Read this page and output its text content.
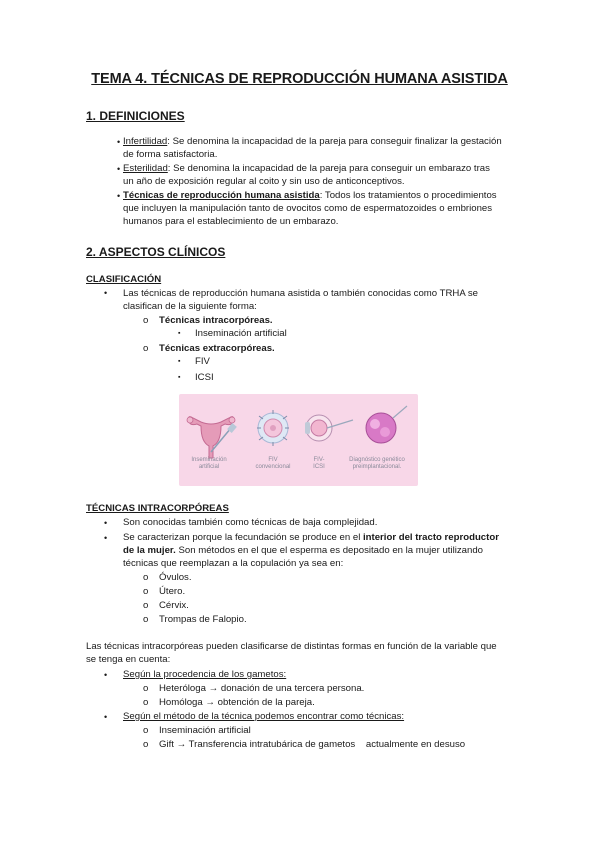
TEMA 4. TÉCNICAS DE REPRODUCCIÓN HUMANA ASISTIDA
1. DEFINICIONES
• Infertilidad: Se denomina la incapacidad de la pareja para conseguir finalizar la gestación
de forma satisfactoria.
• Esterilidad: Se denomina la incapacidad de la pareja para conseguir un embarazo tras
un año de exposición regular al coito y sin uso de anticonceptivos.
• Técnicas de reproducción humana asistida: Todos los tratamientos o procedimientos
que incluyen la manipulación tanto de ovocitos como de espermatozoides o embriones
humanos para el establecimiento de un embarazo.
2. ASPECTOS CLÍNICOS
CLASIFICACIÓN
• Las técnicas de reproducción humana asistida o también conocidas como TRHA se
clasifican de la siguiente forma:
o Técnicas intracorpóreas.
▪ Inseminación artificial
o Técnicas extracorpóreas.
▪ FIV
▪ ICSI
Inseminación
artificial
FIV
convencional
FIV-
ICSI
Diagnóstico genético
preimplantacional.
TÉCNICAS INTRACORPÓREAS
• Son conocidas también como técnicas de baja complejidad.
• Se caracterizan porque la fecundación se produce en el interior del tracto reproductor
de la mujer. Son métodos en el que el esperma es depositado en la mujer utilizando
técnicas que reemplazan a la copulación ya sea en:
o Óvulos.
o Útero.
o Cérvix.
o Trompas de Falopio.
Las técnicas intracorpóreas pueden clasificarse de distintas formas en función de la variable que
se tenga en cuenta:
• Según la procedencia de los gametos:
o Heteróloga → donación de una tercera persona.
o Homóloga → obtención de la pareja.
• Según el método de la técnica podemos encontrar como técnicas:
o Inseminación artificial
o Gift → Transferencia intratubárica de gametos    actualmente en desuso
